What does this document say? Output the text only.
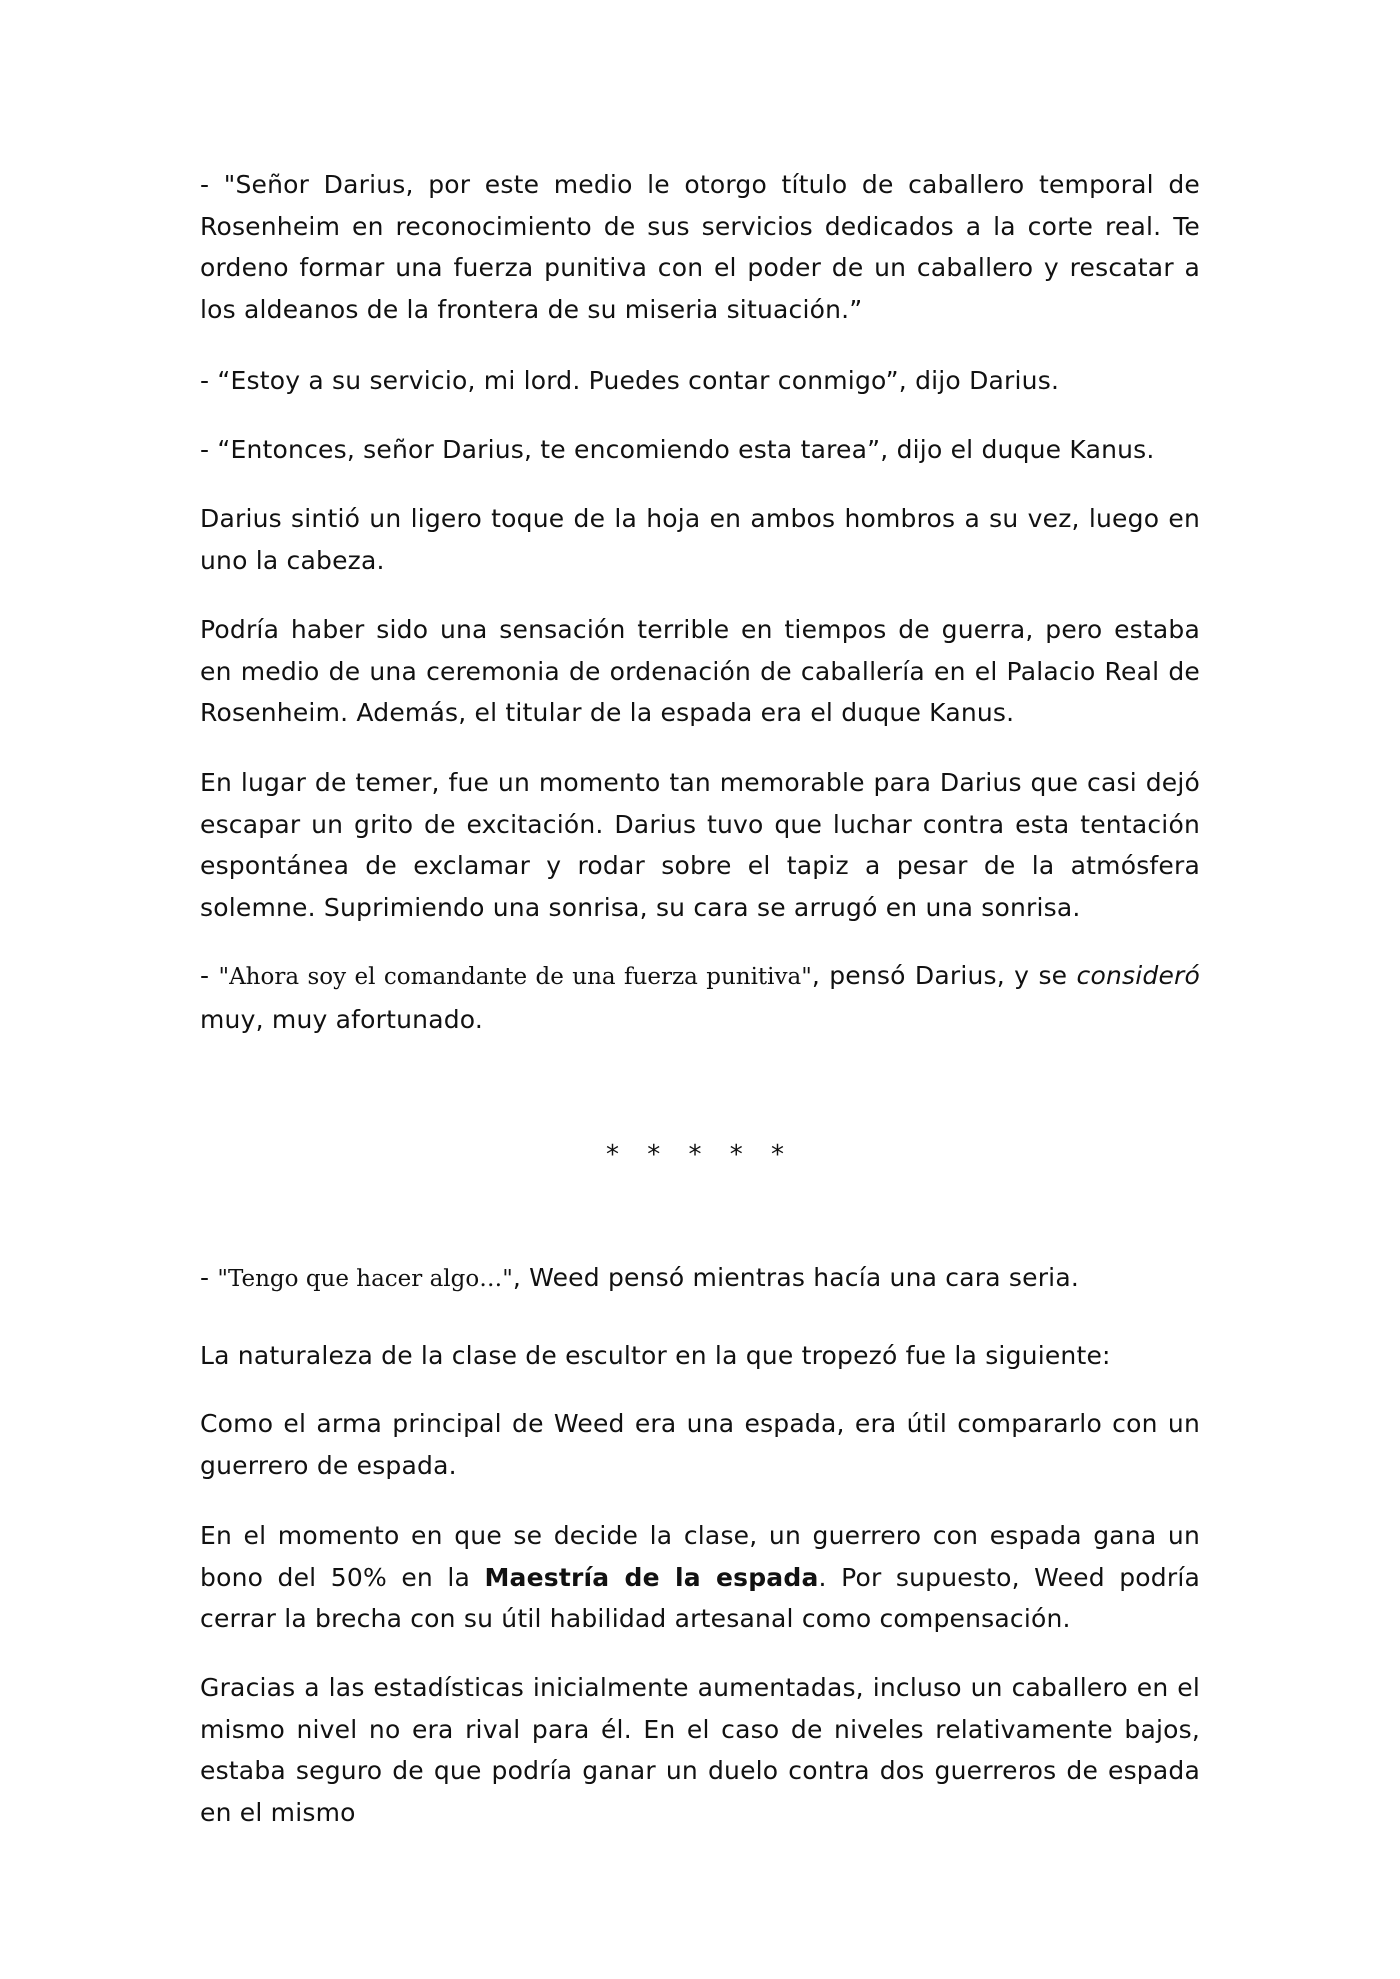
- "Señor Darius, por este medio le otorgo título de caballero temporal de Rosenheim en reconocimiento de sus servicios dedicados a la corte real. Te ordeno formar una fuerza punitiva con el poder de un caballero y rescatar a los aldeanos de la frontera de su miseria situación.”

- “Estoy a su servicio, mi lord. Puedes contar conmigo”, dijo Darius.

- “Entonces, señor Darius, te encomiendo esta tarea”, dijo el duque Kanus.

Darius sintió un ligero toque de la hoja en ambos hombros a su vez, luego en uno la cabeza.

Podría haber sido una sensación terrible en tiempos de guerra, pero estaba en medio de una ceremonia de ordenación de caballería en el Palacio Real de Rosenheim. Además, el titular de la espada era el duque Kanus.

En lugar de temer, fue un momento tan memorable para Darius que casi dejó escapar un grito de excitación. Darius tuvo que luchar contra esta tentación espontánea de exclamar y rodar sobre el tapiz a pesar de la atmósfera solemne. Suprimiendo una sonrisa, su cara se arrugó en una sonrisa.

- "Ahora soy el comandante de una fuerza punitiva", pensó Darius, y se consideró muy, muy afortunado.

* * * * *

- "Tengo que hacer algo…", Weed pensó mientras hacía una cara seria.

La naturaleza de la clase de escultor en la que tropezó fue la siguiente:

Como el arma principal de Weed era una espada, era útil compararlo con un guerrero de espada.

En el momento en que se decide la clase, un guerrero con espada gana un bono del 50% en la Maestría de la espada. Por supuesto, Weed podría cerrar la brecha con su útil habilidad artesanal como compensación.

Gracias a las estadísticas inicialmente aumentadas, incluso un caballero en el mismo nivel no era rival para él. En el caso de niveles relativamente bajos, estaba seguro de que podría ganar un duelo contra dos guerreros de espada en el mismo
